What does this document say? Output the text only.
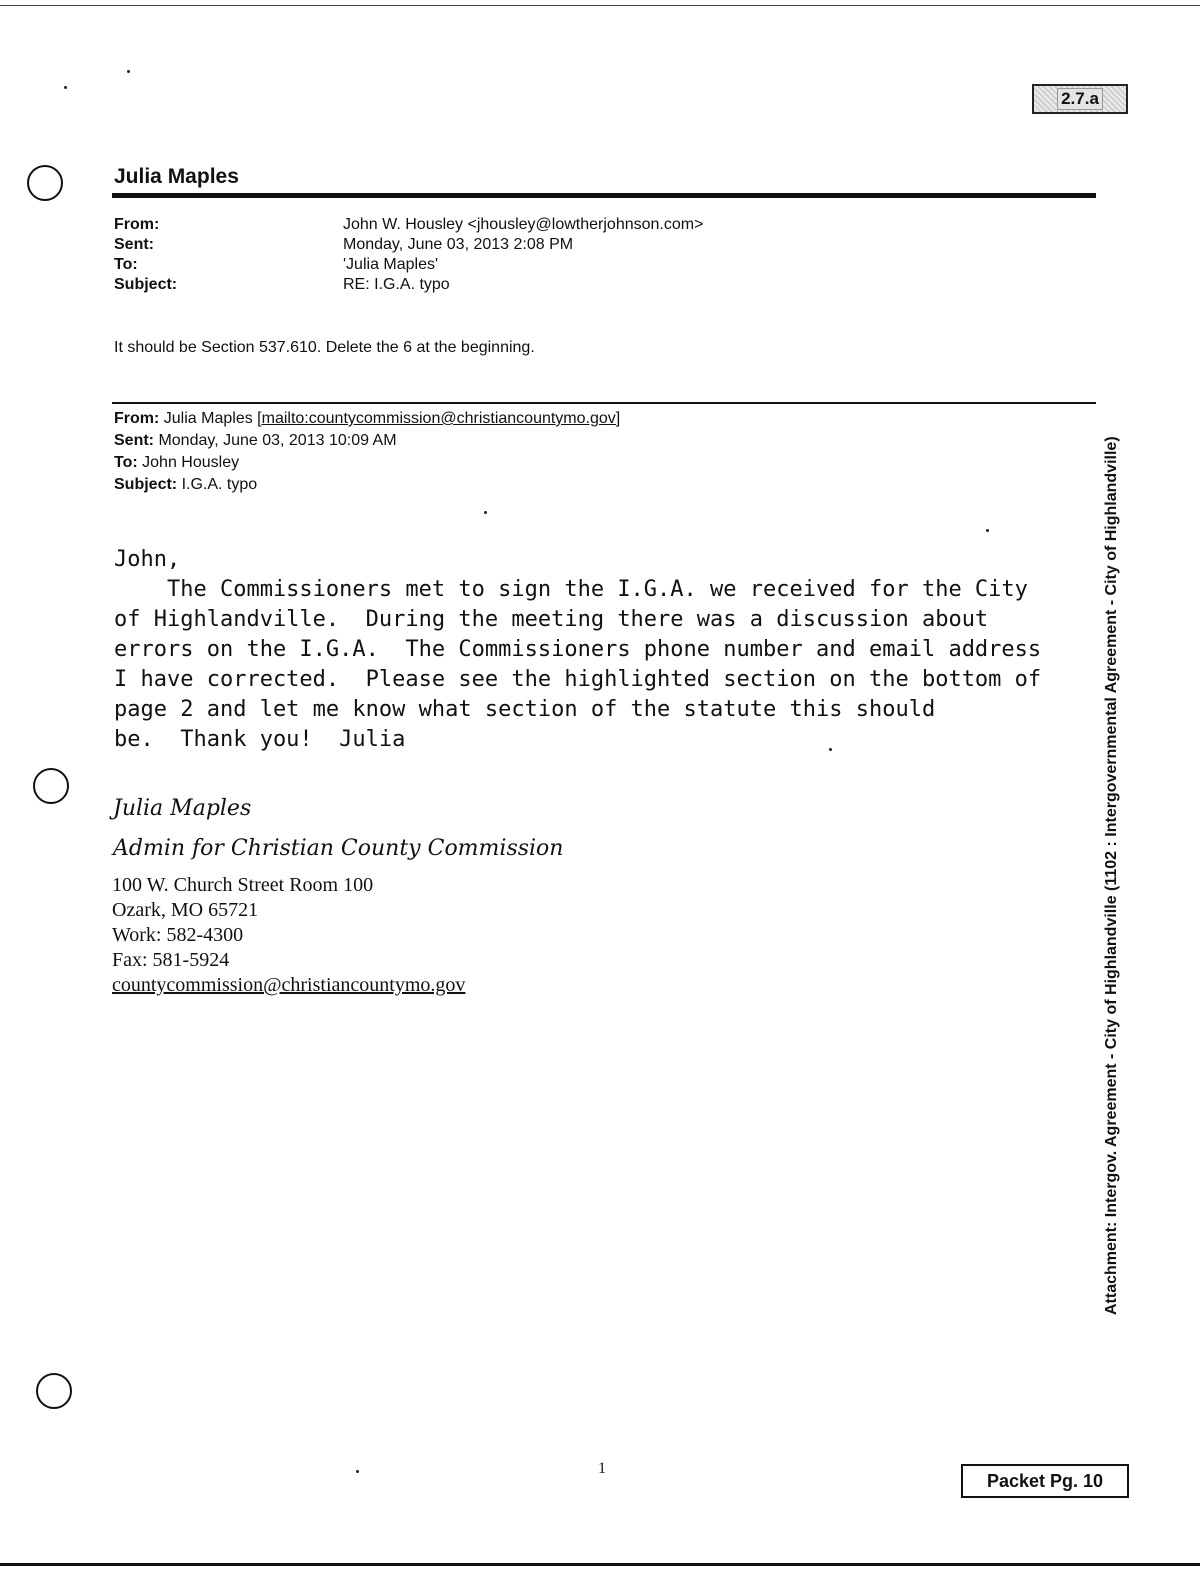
2.7.a
Julia Maples
From:	John W. Housley <jhousley@lowtherjohnson.com>
Sent:	Monday, June 03, 2013 2:08 PM
To:	'Julia Maples'
Subject:	RE: I.G.A. typo
It should be Section 537.610. Delete the 6 at the beginning.
From: Julia Maples [mailto:countycommission@christiancountymo.gov]
Sent: Monday, June 03, 2013 10:09 AM
To: John Housley
Subject: I.G.A. typo
John,
The Commissioners met to sign the I.G.A. we received for the City
of Highlandville.  During the meeting there was a discussion about
errors on the I.G.A.  The Commissioners phone number and email address
I have corrected.  Please see the highlighted section on the bottom of
page 2 and let me know what section of the statute this should
be.  Thank you!  Julia
Julia Maples
Admin for Christian County Commission
100 W. Church Street Room 100
Ozark, MO 65721
Work: 582-4300
Fax: 581-5924
countycommission@christiancountymo.gov	Attachment: Intergov. Agreement - City of Highlandville (1102 : Intergovernmental Agreement - City of Highlandville)
1
Packet Pg. 10
